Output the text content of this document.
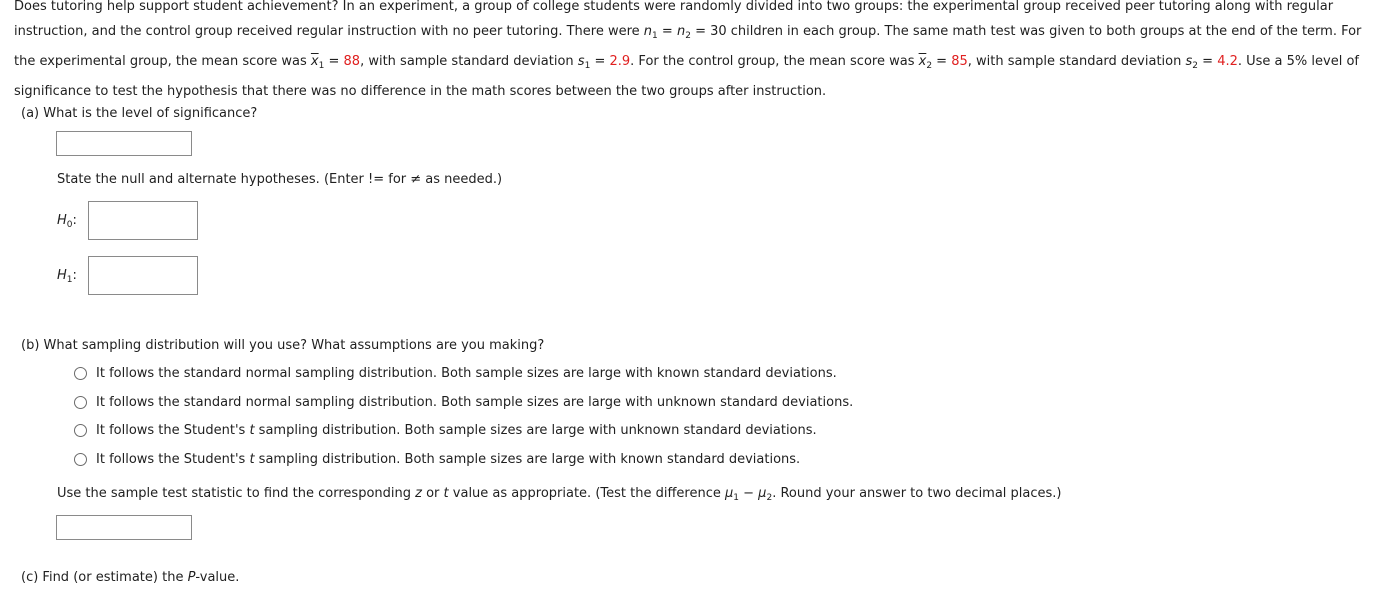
Does tutoring help support student achievement? In an experiment, a group of college students were randomly divided into two groups: the experimental group received peer tutoring along with regular instruction, and the control group received regular instruction with no peer tutoring. There were $n_1 = n_2 = 30$ children in each group. The same math test was given to both groups at the end of the term. For the experimental group, the mean score was $\overline{x}_1 = 88$, with sample standard deviation $s_1 = 2.9$. For the control group, the mean score was $\overline{x}_2 = 85$, with sample standard deviation $s_2 = 4.2$. Use a 5% level of significance to test the hypothesis that there was no difference in the math scores between the two groups after instruction.
(a) What is the level of significance?
State the null and alternate hypotheses. (Enter != for ≠ as needed.)
$H_0$:
$H_1$:
(b) What sampling distribution will you use? What assumptions are you making?
It follows the standard normal sampling distribution. Both sample sizes are large with known standard deviations.
It follows the standard normal sampling distribution. Both sample sizes are large with unknown standard deviations.
It follows the Student's t sampling distribution. Both sample sizes are large with unknown standard deviations.
It follows the Student's t sampling distribution. Both sample sizes are large with known standard deviations.
Use the sample test statistic to find the corresponding z or t value as appropriate. (Test the difference $\mu_1 - \mu_2$. Round your answer to two decimal places.)
(c) Find (or estimate) the P-value.
